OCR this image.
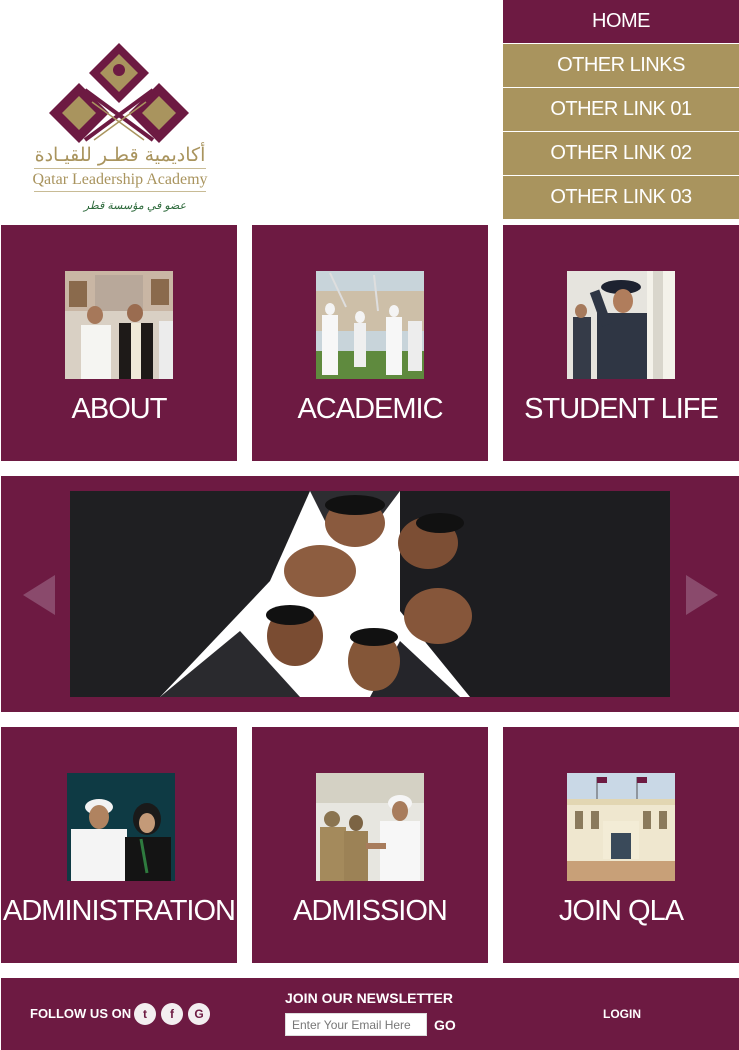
أكاديمية قطـر للقيـادة
Qatar Leadership Academy
عضو في مؤسسة قطر
HOME
OTHER LINKS
OTHER LINK 01
OTHER LINK 02
OTHER LINK 03
ABOUT	ACADEMIC	STUDENT LIFE
ADMINISTRATION	ADMISSION	JOIN QLA
FOLLOW US ON t	f	G
JOIN OUR NEWSLETTER
Enter Your Email Here
GO
LOGIN
